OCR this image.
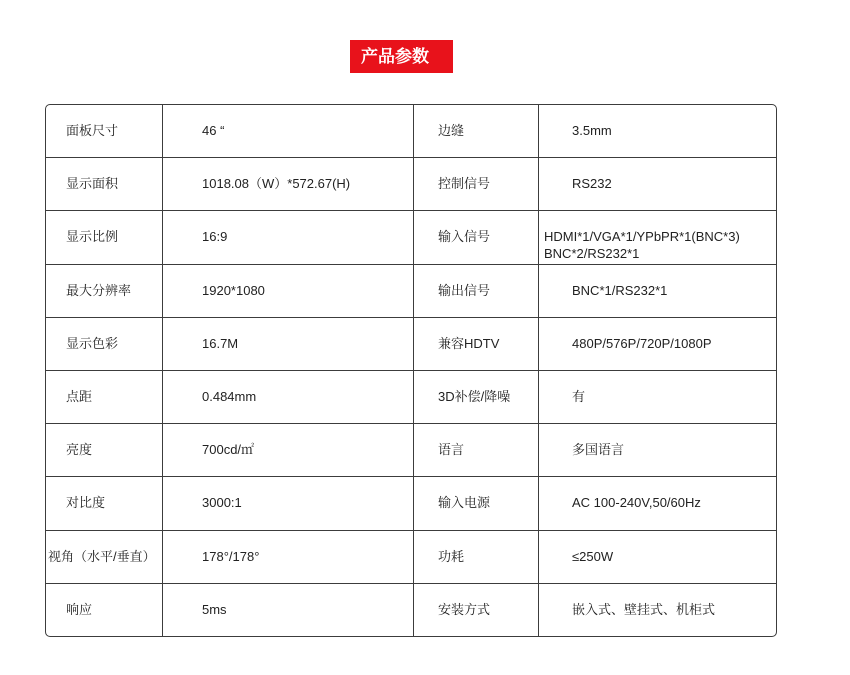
产品参数
面板尺寸	46 “	边缝	3.5mm
显示面积	1018.08（W）*572.67(H)	控制信号	RS232
显示比例	16:9	输入信号	HDMI*1/VGA*1/YPbPR*1(BNC*3)
BNC*2/RS232*1
最大分辨率	1920*1080	输出信号	BNC*1/RS232*1
显示色彩	16.7M	兼容HDTV	480P/576P/720P/1080P
点距	0.484mm	3D补偿/降噪	有
亮度	700cd/㎡	语言	多国语言
对比度	3000:1	输入电源	AC 100-240V,50/60Hz
视角（水平/垂直）	178°/178°	功耗	≤250W
响应	5ms	安装方式	嵌入式、壁挂式、机柜式
